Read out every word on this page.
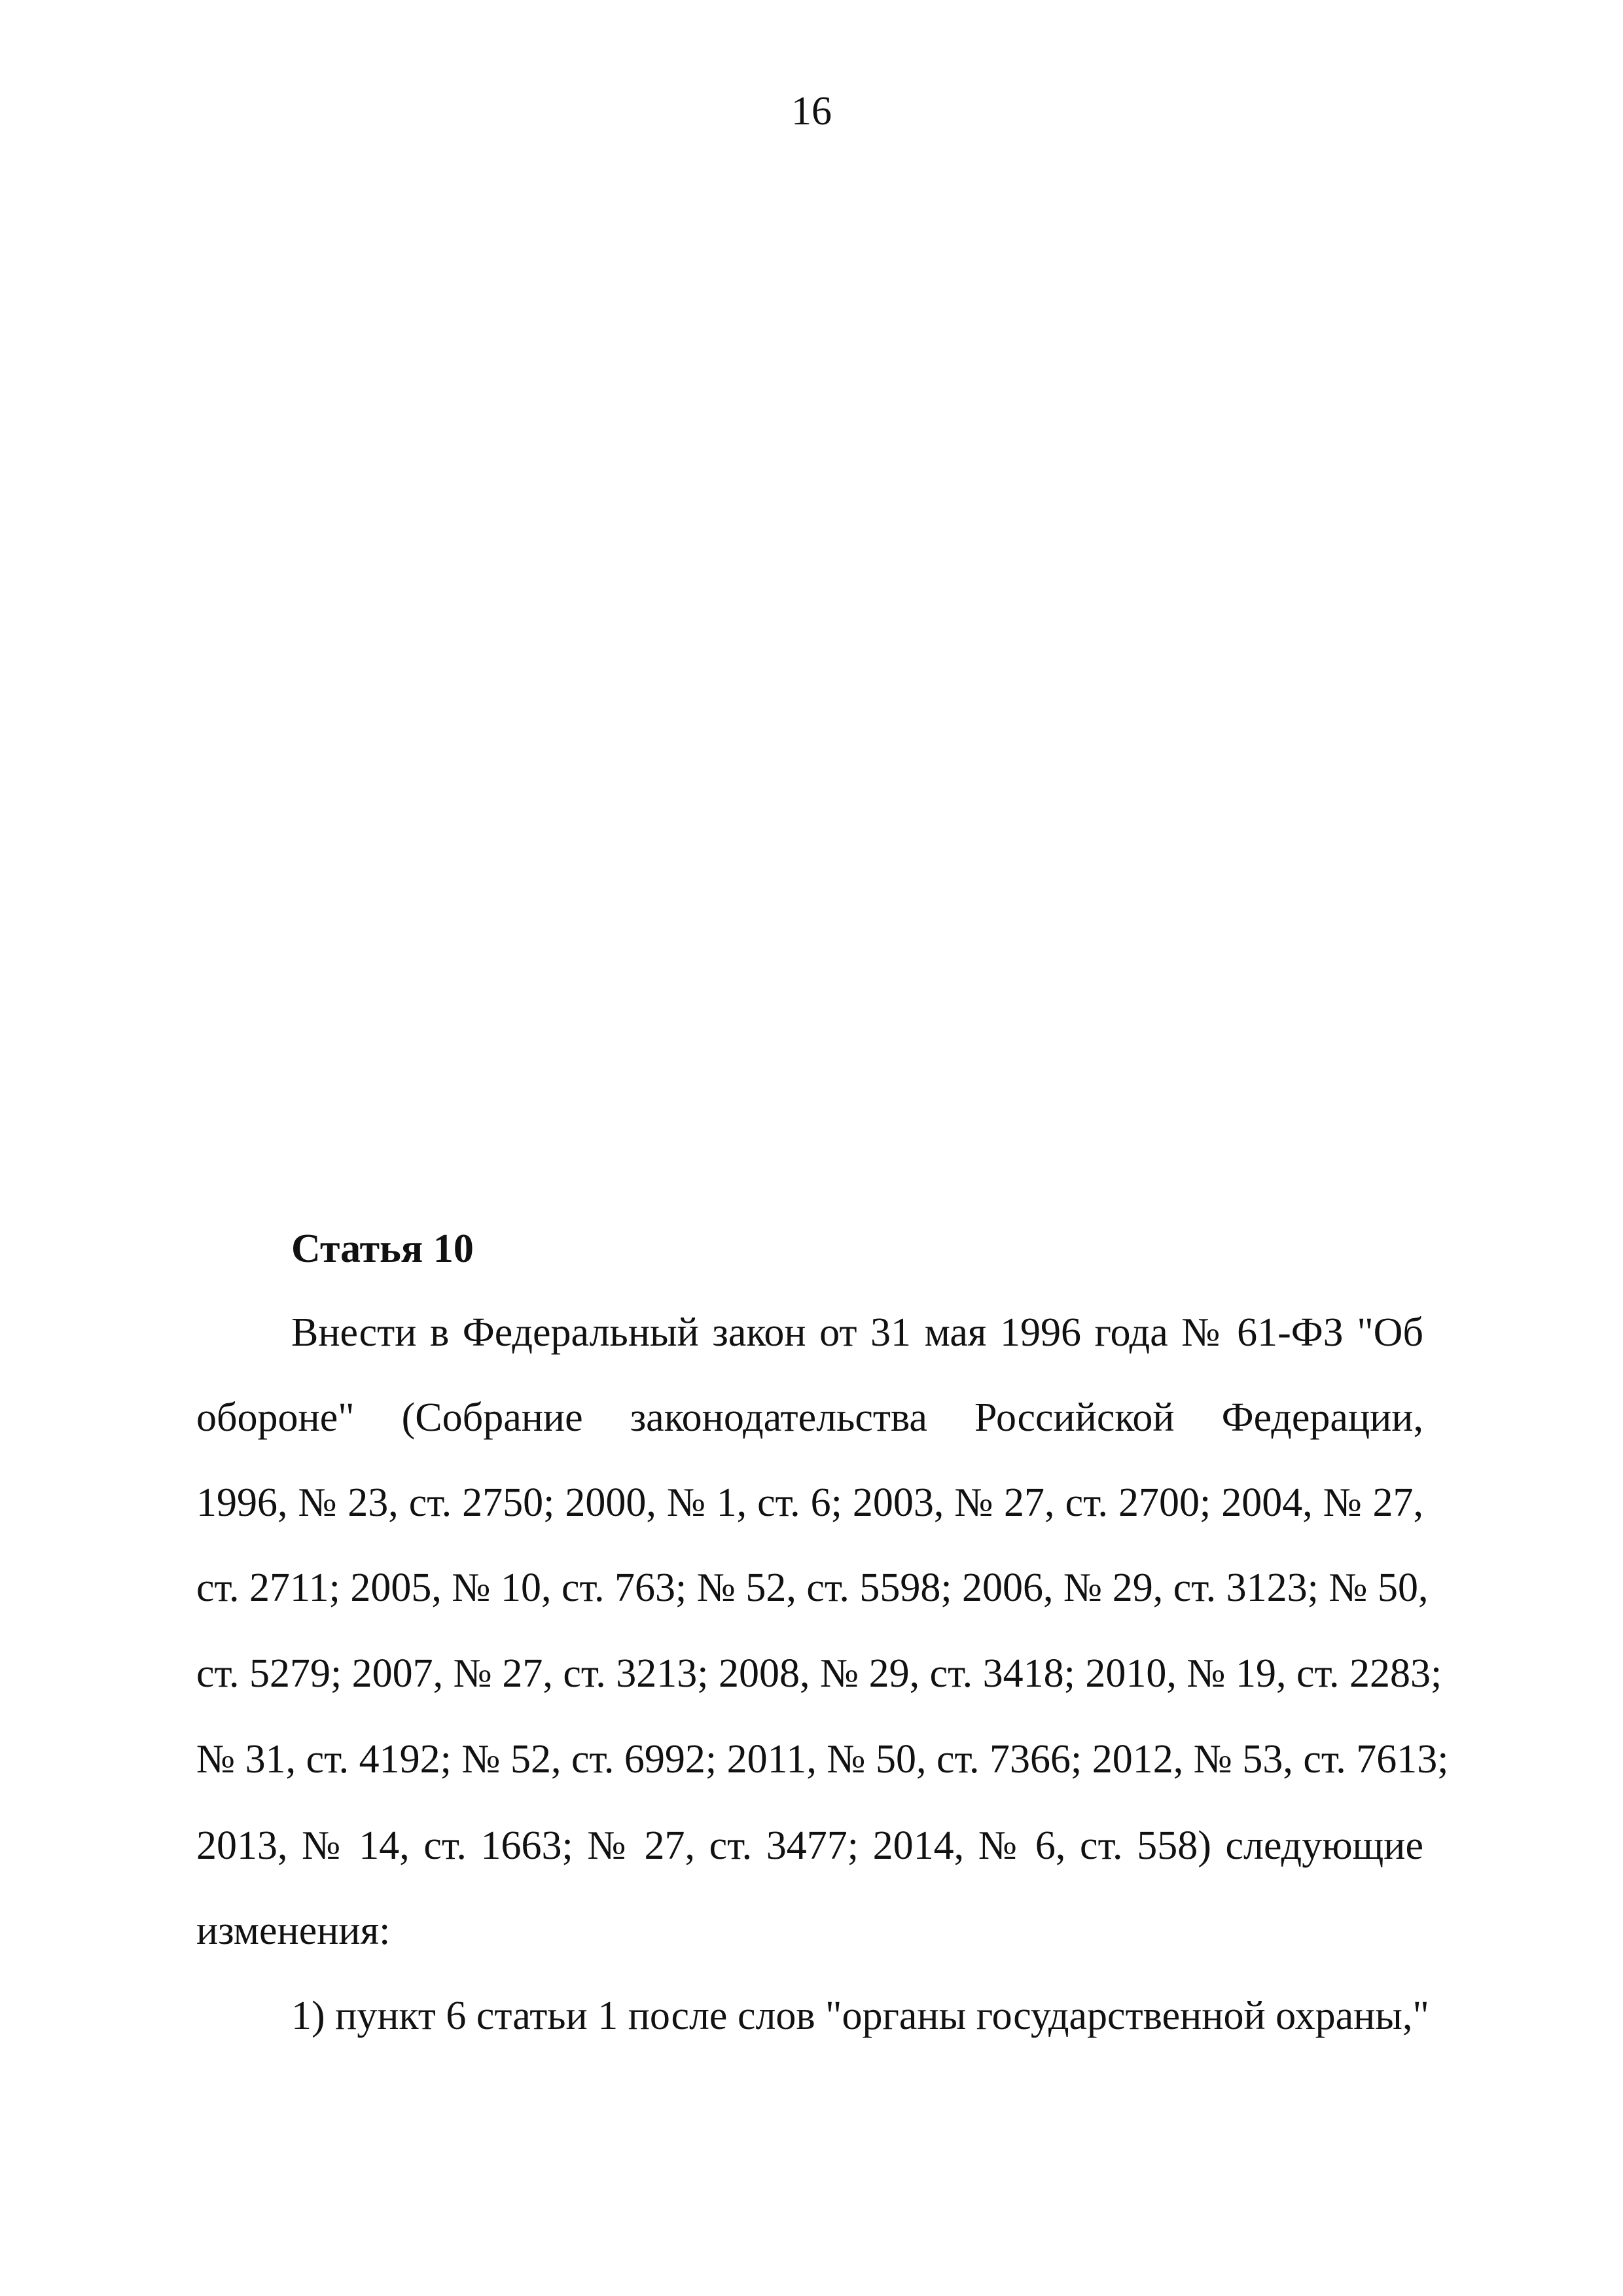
16
Статья 10
Внести в Федеральный закон от 31 мая 1996 года № 61-ФЗ "Об
обороне" (Собрание законодательства Российской Федерации,
1996, № 23, ст. 2750; 2000, № 1, ст. 6; 2003, № 27, ст. 2700; 2004, № 27,
ст. 2711; 2005, № 10, ст. 763; № 52, ст. 5598; 2006, № 29, ст. 3123; № 50,
ст. 5279; 2007, № 27, ст. 3213; 2008, № 29, ст. 3418; 2010, № 19, ст. 2283;
№ 31, ст. 4192; № 52, ст. 6992; 2011, № 50, ст. 7366; 2012, № 53, ст. 7613;
2013, № 14, ст. 1663; № 27, ст. 3477; 2014, № 6, ст. 558) следующие
изменения:
1) пункт 6 статьи 1 после слов "органы государственной охраны,"
